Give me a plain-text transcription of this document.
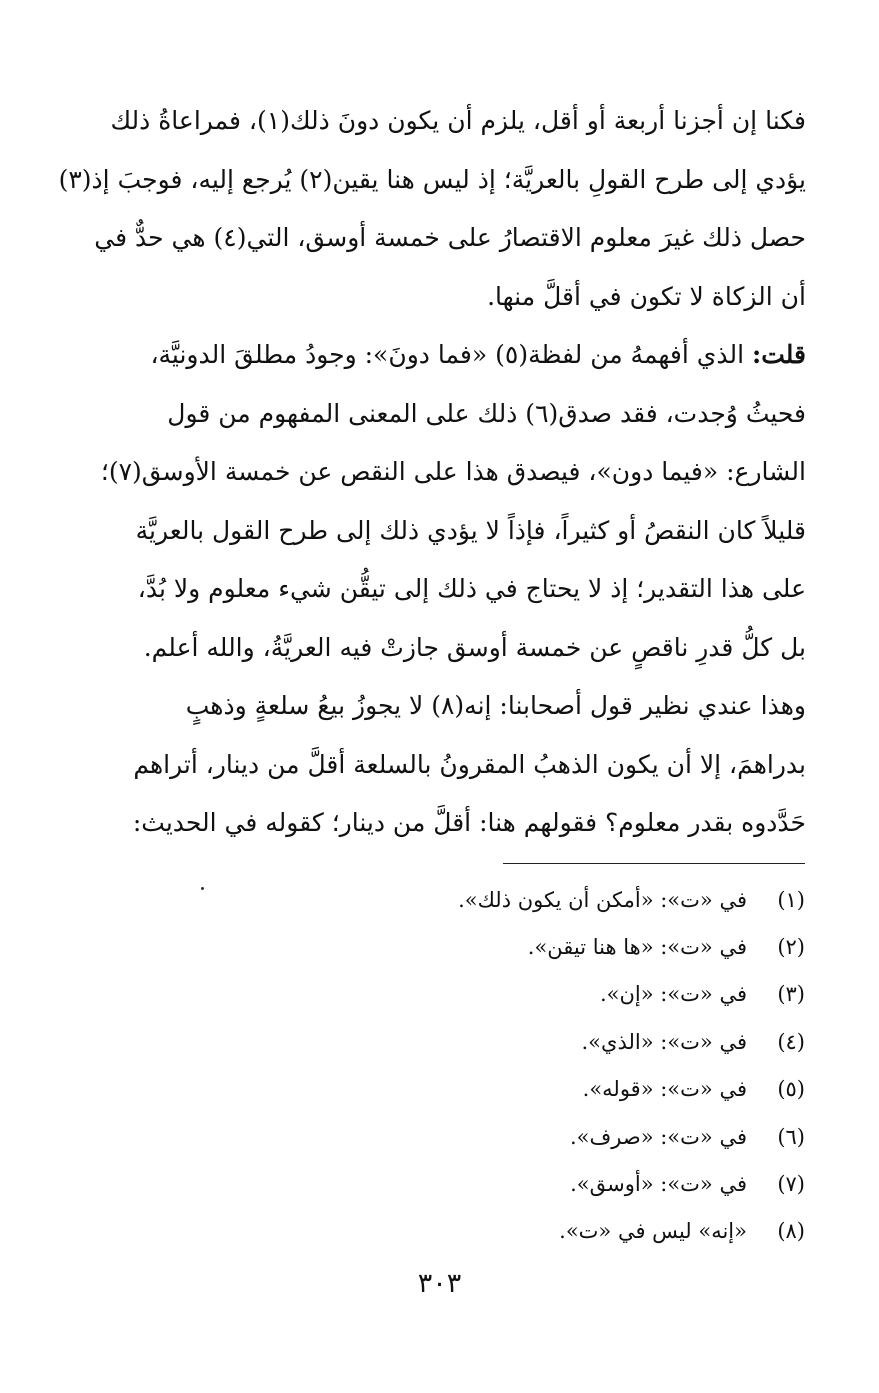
فكنا إن أجزنا أربعة أو أقل، يلزم أن يكون دونَ ذلك(١)، فمراعاةُ ذلك
يؤدي إلى طرح القولِ بالعريَّة؛ إذ ليس هنا يقين(٢) يُرجع إليه، فوجبَ إذ(٣)
حصل ذلك غيرَ معلوم الاقتصارُ على خمسة أوسق، التي(٤) هي حدٌّ في
أن الزكاة لا تكون في أقلَّ منها.
قلت: الذي أفهمهُ من لفظة(٥) «فما دونَ»: وجودُ مطلقَ الدونيَّة،
فحيثُ وُجدت، فقد صدق(٦) ذلك على المعنى المفهوم من قول
الشارع: «فيما دون»، فيصدق هذا على النقص عن خمسة الأوسق(٧)؛
قليلاً كان النقصُ أو كثيراً، فإذاً لا يؤدي ذلك إلى طرح القول بالعريَّة
على هذا التقدير؛ إذ لا يحتاج في ذلك إلى تيقُّن شيء معلوم ولا بُدَّ،
بل كلُّ قدرِ ناقصٍ عن خمسة أوسق جازتْ فيه العريَّةُ، والله أعلم.
وهذا عندي نظير قول أصحابنا: إنه(٨) لا يجوزُ بيعُ سلعةٍ وذهبٍ
بدراهمَ، إلا أن يكون الذهبُ المقرونُ بالسلعة أقلَّ من دينار، أتراهم
حَدَّدوه بقدر معلوم؟ فقولهم هنا: أقلَّ من دينار؛ كقوله في الحديث:
(١)
في «ت»: «أمكن أن يكون ذلك».
(٢)
في «ت»: «ها هنا تيقن».
(٣)
في «ت»: «إن».
(٤)
في «ت»: «الذي».
(٥)
في «ت»: «قوله».
(٦)
في «ت»: «صرف».
(٧)
في «ت»: «أوسق».
(٨)
«إنه» ليس في «ت».
٣٠٣
